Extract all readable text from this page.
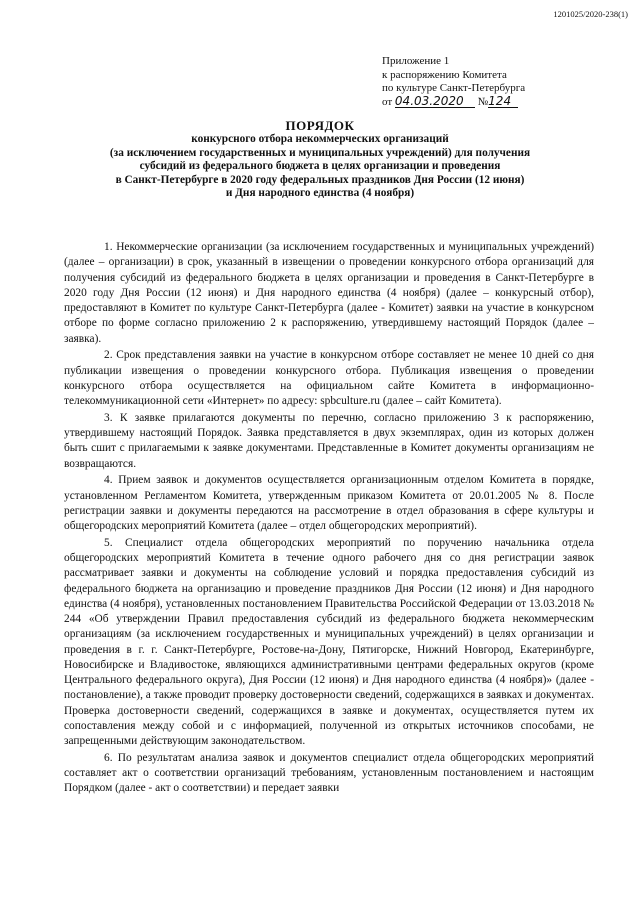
1201025/2020-238(1)
Приложение 1
к распоряжению Комитета
по культуре Санкт-Петербурга
от 04.03.2020 №124
ПОРЯДОК
конкурсного отбора некоммерческих организаций
(за исключением государственных и муниципальных учреждений) для получения
субсидий из федерального бюджета в целях организации и проведения
в Санкт-Петербурге в 2020 году федеральных праздников Дня России (12 июня)
и Дня народного единства (4 ноября)

1. Некоммерческие организации (за исключением государственных и муниципальных учреждений) (далее – организации) в срок, указанный в извещении о проведении конкурсного отбора организаций для получения субсидий из федерального бюджета в целях организации и проведения в Санкт-Петербурге в 2020 году Дня России (12 июня) и Дня народного единства (4 ноября) (далее – конкурсный отбор), предоставляют в Комитет по культуре Санкт-Петербурга (далее - Комитет) заявки на участие в конкурсном отборе по форме согласно приложению 2 к распоряжению, утвердившему настоящий Порядок (далее – заявка).

2. Срок представления заявки на участие в конкурсном отборе составляет не менее 10 дней со дня публикации извещения о проведении конкурсного отбора. Публикация извещения о проведении конкурсного отбора осуществляется на официальном сайте Комитета в информационно-телекоммуникационной сети «Интернет» по адресу: spbculture.ru (далее – сайт Комитета).

3. К заявке прилагаются документы по перечню, согласно приложению 3 к распоряжению, утвердившему настоящий Порядок. Заявка представляется в двух экземплярах, один из которых должен быть сшит с прилагаемыми к заявке документами. Представленные в Комитет документы организациям не возвращаются.

4. Прием заявок и документов осуществляется организационным отделом Комитета в порядке, установленном Регламентом Комитета, утвержденным приказом Комитета от 20.01.2005 № 8. После регистрации заявки и документы передаются на рассмотрение в отдел образования в сфере культуры и общегородских мероприятий Комитета (далее – отдел общегородских мероприятий).

5. Специалист отдела общегородских мероприятий по поручению начальника отдела общегородских мероприятий Комитета в течение одного рабочего дня со дня регистрации заявок рассматривает заявки и документы на соблюдение условий и порядка предоставления субсидий из федерального бюджета на организацию и проведение праздников Дня России (12 июня) и Дня народного единства (4 ноября), установленных постановлением Правительства Российской Федерации от 13.03.2018 № 244 «Об утверждении Правил предоставления субсидий из федерального бюджета некоммерческим организациям (за исключением государственных и муниципальных учреждений) в целях организации и проведения в г. г. Санкт-Петербурге, Ростове-на-Дону, Пятигорске, Нижний Новгород, Екатеринбурге, Новосибирске и Владивостоке, являющихся административными центрами федеральных округов (кроме Центрального федерального округа), Дня России (12 июня) и Дня народного единства (4 ноября)» (далее - постановление), а также проводит проверку достоверности сведений, содержащихся в заявках и документах. Проверка достоверности сведений, содержащихся в заявке и документах, осуществляется путем их сопоставления между собой и с информацией, полученной из открытых источников способами, не запрещенными действующим законодательством.

6. По результатам анализа заявок и документов специалист отдела общегородских мероприятий составляет акт о соответствии организаций требованиям, установленным постановлением и настоящим Порядком (далее - акт о соответствии) и передает заявки
